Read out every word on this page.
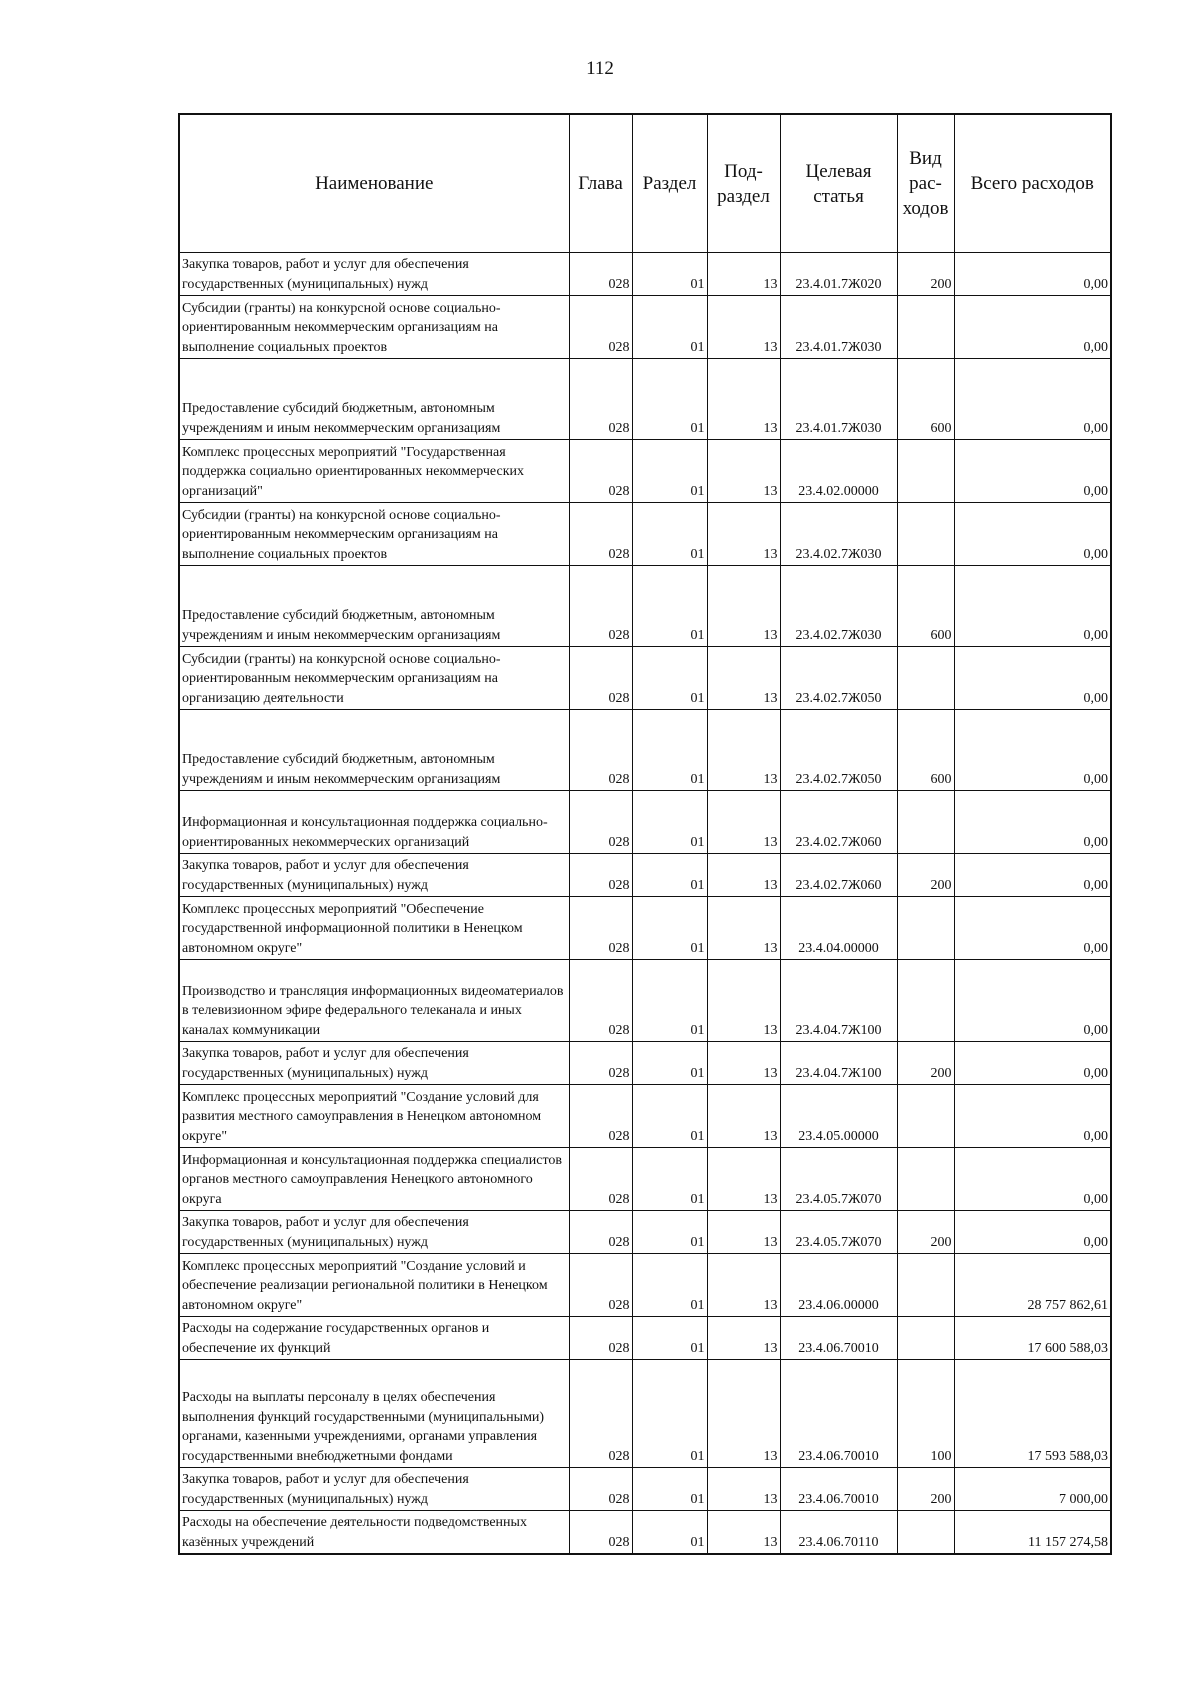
112
Наименование	Глава	Раздел	Под-раздел	Целевая статья	Вид рас-ходов	Всего расходов
Закупка товаров, работ и услуг для обеспечения государственных (муниципальных) нужд	028	01	13	23.4.01.7Ж020	200	0,00
Субсидии (гранты) на конкурсной основе социально-ориентированным некоммерческим организациям на выполнение социальных проектов	028	01	13	23.4.01.7Ж030		0,00
Предоставление субсидий бюджетным, автономным учреждениям и иным некоммерческим организациям	028	01	13	23.4.01.7Ж030	600	0,00
Комплекс процессных мероприятий "Государственная поддержка социально ориентированных некоммерческих организаций"	028	01	13	23.4.02.00000		0,00
Субсидии (гранты) на конкурсной основе социально-ориентированным некоммерческим организациям на выполнение социальных проектов	028	01	13	23.4.02.7Ж030		0,00
Предоставление субсидий бюджетным, автономным учреждениям и иным некоммерческим организациям	028	01	13	23.4.02.7Ж030	600	0,00
Субсидии (гранты) на конкурсной основе социально-ориентированным некоммерческим организациям на организацию деятельности	028	01	13	23.4.02.7Ж050		0,00
Предоставление субсидий бюджетным, автономным учреждениям и иным некоммерческим организациям	028	01	13	23.4.02.7Ж050	600	0,00
Информационная и консультационная поддержка социально-ориентированных некоммерческих организаций	028	01	13	23.4.02.7Ж060		0,00
Закупка товаров, работ и услуг для обеспечения государственных (муниципальных) нужд	028	01	13	23.4.02.7Ж060	200	0,00
Комплекс процессных мероприятий "Обеспечение государственной информационной политики в Ненецком автономном округе"	028	01	13	23.4.04.00000		0,00
Производство и трансляция информационных видеоматериалов в телевизионном эфире федерального телеканала и иных каналах коммуникации	028	01	13	23.4.04.7Ж100		0,00
Закупка товаров, работ и услуг для обеспечения государственных (муниципальных) нужд	028	01	13	23.4.04.7Ж100	200	0,00
Комплекс процессных мероприятий "Создание условий для развития местного самоуправления в Ненецком автономном округе"	028	01	13	23.4.05.00000		0,00
Информационная и консультационная поддержка специалистов органов местного самоуправления Ненецкого автономного округа	028	01	13	23.4.05.7Ж070		0,00
Закупка товаров, работ и услуг для обеспечения государственных (муниципальных) нужд	028	01	13	23.4.05.7Ж070	200	0,00
Комплекс процессных мероприятий "Создание условий и обеспечение реализации региональной политики в Ненецком автономном округе"	028	01	13	23.4.06.00000		28 757 862,61
Расходы на содержание государственных органов и обеспечение их функций	028	01	13	23.4.06.70010		17 600 588,03
Расходы на выплаты персоналу в целях обеспечения выполнения функций государственными (муниципальными) органами, казенными учреждениями, органами управления государственными внебюджетными фондами	028	01	13	23.4.06.70010	100	17 593 588,03
Закупка товаров, работ и услуг для обеспечения государственных (муниципальных) нужд	028	01	13	23.4.06.70010	200	7 000,00
Расходы на обеспечение деятельности подведомственных казённых учреждений	028	01	13	23.4.06.70110		11 157 274,58
